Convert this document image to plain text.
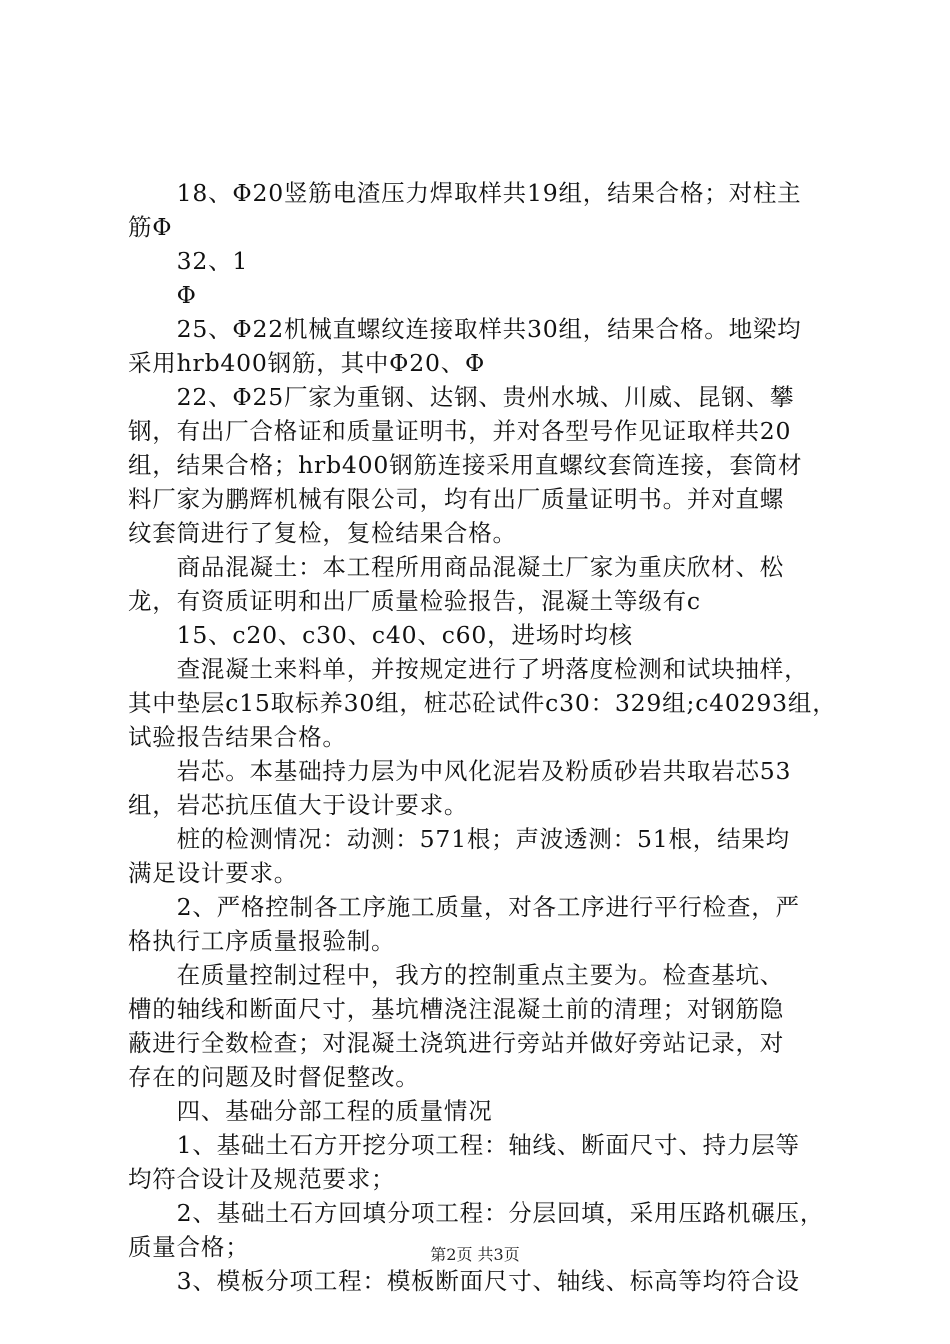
　　18、Φ20竖筋电渣压力焊取样共19组，结果合格；对柱主
筋Φ
　　32、1
　　Φ
　　25、Φ22机械直螺纹连接取样共30组，结果合格。地梁均
采用hrb400钢筋，其中Φ20、Φ
　　22、Φ25厂家为重钢、达钢、贵州水城、川威、昆钢、攀
钢，有出厂合格证和质量证明书，并对各型号作见证取样共20
组，结果合格；hrb400钢筋连接采用直螺纹套筒连接，套筒材
料厂家为鹏辉机械有限公司，均有出厂质量证明书。并对直螺
纹套筒进行了复检，复检结果合格。
　　商品混凝土：本工程所用商品混凝土厂家为重庆欣材、松
龙，有资质证明和出厂质量检验报告，混凝土等级有c
　　15、c20、c30、c40、c60，进场时均核
　　查混凝土来料单，并按规定进行了坍落度检测和试块抽样，
其中垫层c15取标养30组，桩芯砼试件c30：329组;c40293组，
试验报告结果合格。
　　岩芯。本基础持力层为中风化泥岩及粉质砂岩共取岩芯53
组，岩芯抗压值大于设计要求。
　　桩的检测情况：动测：571根；声波透测：51根，结果均
满足设计要求。
　　2、严格控制各工序施工质量，对各工序进行平行检查，严
格执行工序质量报验制。
　　在质量控制过程中，我方的控制重点主要为。检查基坑、
槽的轴线和断面尺寸，基坑槽浇注混凝土前的清理；对钢筋隐
蔽进行全数检查；对混凝土浇筑进行旁站并做好旁站记录，对
存在的问题及时督促整改。
　　四、基础分部工程的质量情况
　　1、基础土石方开挖分项工程：轴线、断面尺寸、持力层等
均符合设计及规范要求；
　　2、基础土石方回填分项工程：分层回填，采用压路机碾压，
质量合格；
　　3、模板分项工程：模板断面尺寸、轴线、标高等均符合设
第2页 共3页
